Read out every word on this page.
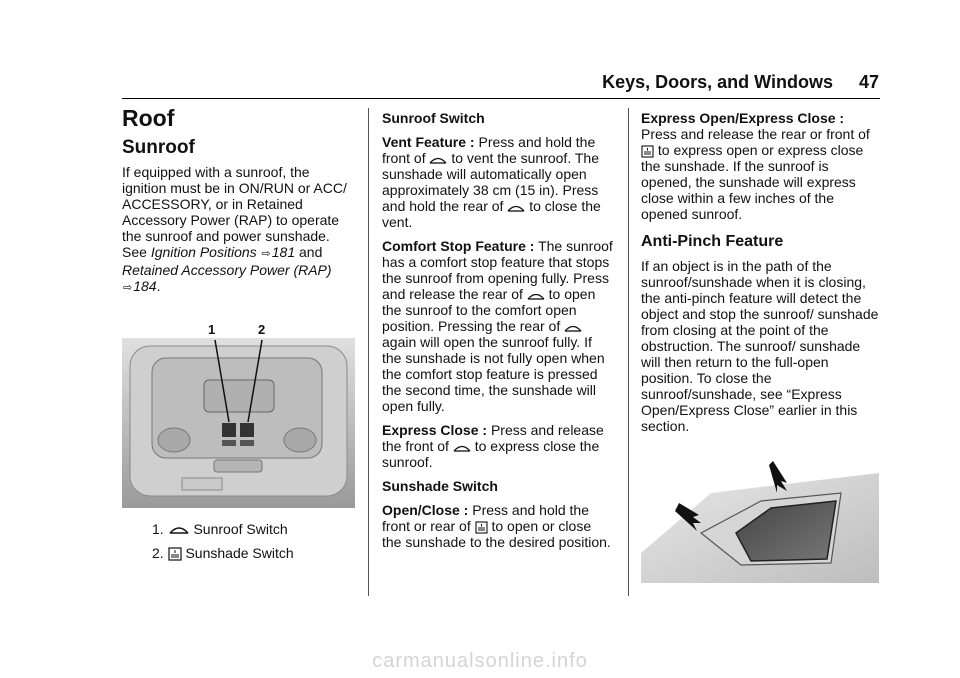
Keys, Doors, and Windows 47
Roof
Sunroof

If equipped with a sunroof, the ignition must be in ON/RUN or ACC/ ACCESSORY, or in Retained Accessory Power (RAP) to operate the sunroof and power sunshade. See Ignition Positions ⇨181 and Retained Accessory Power (RAP) ⇨184.

1	2
1. Sunroof Switch
2. Sunshade Switch

Sunroof Switch

Vent Feature : Press and hold the front of  to vent the sunroof. The sunshade will automatically open approximately 38 cm (15 in). Press and hold the rear of  to close the vent.

Comfort Stop Feature : The sunroof has a comfort stop feature that stops the sunroof from opening fully. Press and release the rear of  to open the sunroof to the comfort open position. Pressing the rear of  again will open the sunroof fully. If the sunshade is not fully open when the comfort stop feature is pressed the second time, the sunshade will open fully.

Express Close : Press and release the front of  to express close the sunroof.

Sunshade Switch

Open/Close : Press and hold the front or rear of  to open or close the sunshade to the desired position.

Express Open/Express Close : Press and release the rear or front of  to express open or express close the sunshade. If the sunroof is opened, the sunshade will express close within a few inches of the opened sunroof.

Anti-Pinch Feature

If an object is in the path of the sunroof/sunshade when it is closing, the anti-pinch feature will detect the object and stop the sunroof/ sunshade from closing at the point of the obstruction. The sunroof/ sunshade will then return to the full-open position. To close the sunroof/sunshade, see “Express Open/Express Close” earlier in this section.

carmanualsonline.info
